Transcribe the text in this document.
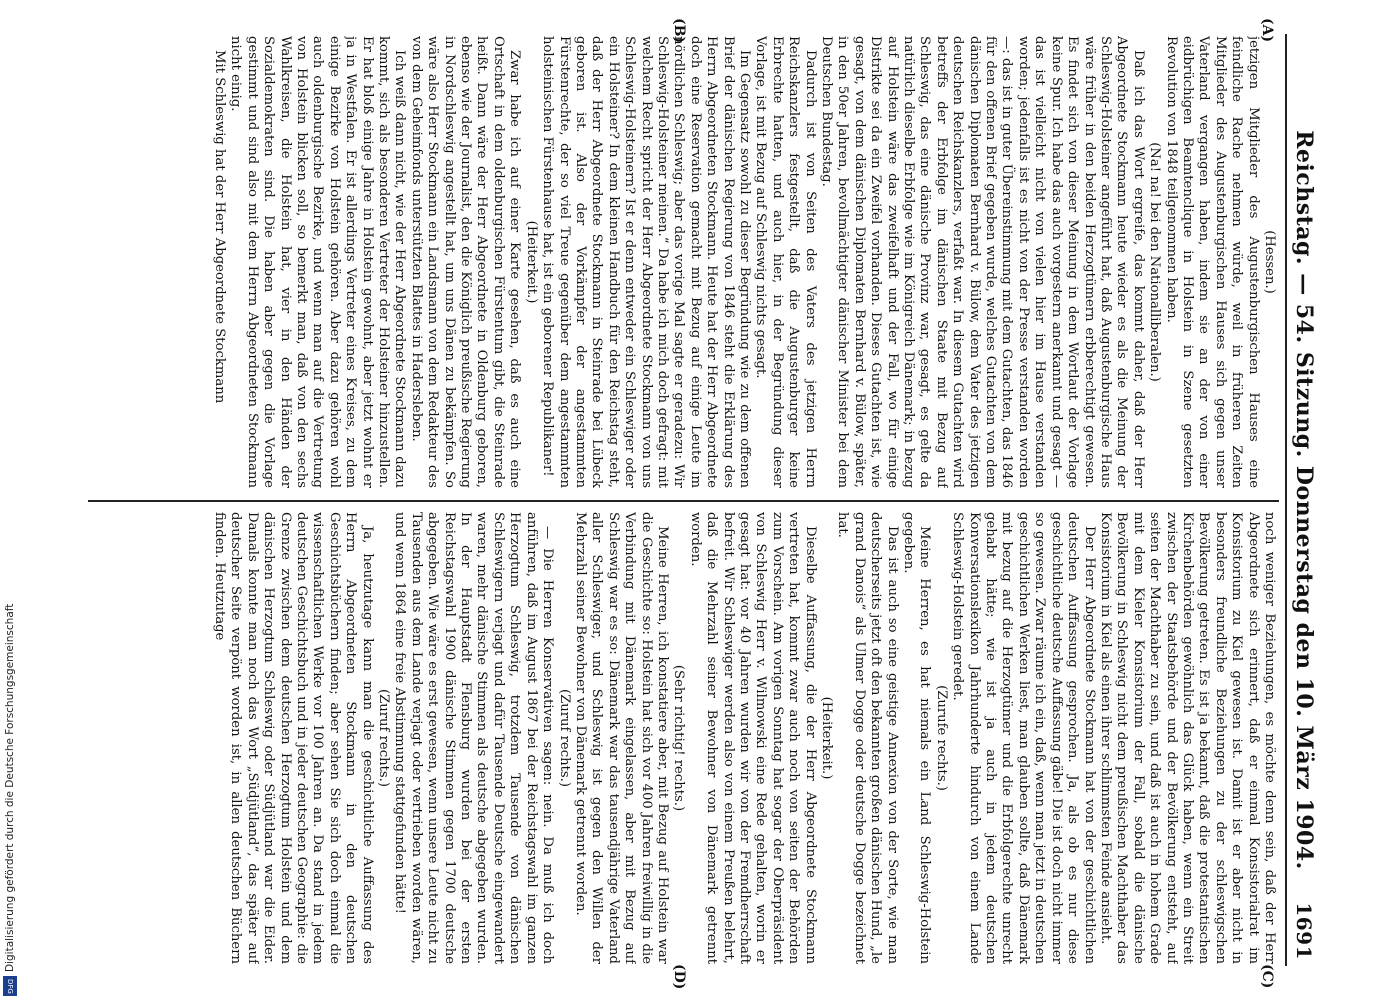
Digitalisierung gefördert durch die Deutsche Forschungsgemeinschaft
DFG
Reichstag. — 54. Sitzung. Donnerstag den 10. März 1904.
1691
(A)
(B)
(C)
(D)

(Hessen.)

jetzigen Mitglieder des Augustenburgischen Hauses eine feindliche Rache nehmen würde, weil in früheren Zeiten Mitglieder des Augustenburgischen Hauses sich gegen unser Vaterland vergangen haben, indem sie an der von einer eidbrüchigen Beamtenclique in Holstein in Szene gesetzten Revolution von 1848 teilgenommen haben.

(Na! na! bei den Nationalliberalen.)

Daß ich das Wort ergreife, das kommt daher, daß der Herr Abgeordnete Stockmann heute wieder es als die Meinung der Schleswig-Holsteiner angeführt hat, daß Augustenburgische Haus wäre früher in den beiden Herzogtümern erbberechtigt gewesen. Es findet sich von dieser Meinung in dem Wortlaut der Vorlage keine Spur. Ich habe das auch vorgestern anerkannt und gesagt — das ist vielleicht nicht von vielen hier im Hause verstanden worden; jedenfalls ist es nicht von der Presse verstanden worden —: das ist in guter Übereinstimmung mit dem Gutachten, das 1846 für den offenen Brief gegeben wurde, welches Gutachten von dem dänischen Diplomaten Bernhard v. Bülow, dem Vater des jetzigen deutschen Reichskanzlers, verfaßt war. In diesem Gutachten wird betreffs der Erbfolge im dänischen Staate mit Bezug auf Schleswig, das eine dänische Provinz war, gesagt, es gelte da natürlich dieselbe Erbfolge wie im Königreich Dänemark; in bezug auf Holstein wäre das zweifelhaft und der Fall, wo für einige Distrikte sei da ein Zweifel vorhanden. Dieses Gutachten ist, wie gesagt, von dem dänischen Diplomaten Bernhard v. Bülow, später, in den 50er Jahren, bevollmächtigter dänischer Minister bei dem Deutschen Bundestag.

Dadurch ist von Seiten des Vaters des jetzigen Herrn Reichskanzlers festgestellt, daß die Augustenburger keine Erbrechte hatten, und auch hier, in der Begründung dieser Vorlage, ist mit Bezug auf Schleswig nichts gesagt.

Im Gegensatz sowohl zu dieser Begründung wie zu dem offenen Brief der dänischen Regierung von 1846 steht die Erklärung des Herrn Abgeordneten Stockmann. Heute hat der Herr Abgeordnete doch eine Reservation gemacht mit Bezug auf einige Leute im nördlichen Schleswig; aber das vorige Mal sagte er geradezu: Wir Schleswig-Holsteiner meinen.“ Da habe ich mich doch gefragt: mit welchem Recht spricht der Herr Abgeordnete Stockmann von uns Schleswig-Holsteinern? Ist er denn entweder ein Schleswiger oder ein Holsteiner? In dem kleinen Handbuch für den Reichstag steht, daß der Herr Abgeordnete Stockmann in Steinrade bei Lübeck geboren ist. Also der Vorkämpfer der angestammten Fürstenrechte, der so viel Treue gegenüber dem angestammten holsteinischen Fürstenhause hat, ist ein geborener Republikaner!

(Heiterkeit.)

Zwar habe ich auf einer Karte gesehen, daß es auch eine Ortschaft in dem oldenburgischen Fürstentum gibt, die Steinrade heißt. Dann wäre der Herr Abgeordnete in Oldenburg geboren, ebenso wie der Journalist, den die Königlich preußische Regierung in Nordschleswig angestellt hat, um uns Dänen zu bekämpfen. So wäre also Herr Stockmann ein Landsmann von dem Redakteur des von dem Geheimfonds unterstützten Blattes in Hadersleben.

Ich weiß dann nicht, wie der Herr Abgeordnete Stockmann dazu kommt, sich als besonderen Vertreter der Holsteiner hinzustellen. Er hat bloß einige Jahre in Holstein gewohnt, aber jetzt wohnt er ja in Westfalen. Er ist allerdings Vertreter eines Kreises, zu dem einige Bezirke von Holstein gehören. Aber dazu gehören wohl auch oldenburgische Bezirke, und wenn man auf die Vertretung von Holstein blicken soll, so bemerkt man, daß von den sechs Wahlkreisen, die Holstein hat, vier in den Händen der Sozialdemokraten sind. Die haben aber gegen die Vorlage gestimmt und sind also mit dem Herrn Abgeordneten Stockmann nicht einig.

Mit Schleswig hat der Herr Abgeordnete Stockmann

noch weniger Beziehungen, es möchte denn sein, daß der Herr Abgeordnete sich erinnert, daß er einmal Konsistorialrat im Konsistorium zu Kiel gewesen ist. Damit ist er aber nicht in besonders freundliche Beziehungen zu der schleswigschen Bevölkerung getreten. Es ist ja bekannt, daß die protestantischen Kirchenbehörden gewöhnlich das Glück haben, wenn ein Streit zwischen der Staatsbehörde und der Bevölkerung entsteht, auf seiten der Machthaber zu sein, und daß ist auch in hohem Grade mit dem Kieler Konsistorium der Fall, sobald die dänische Bevölkerung in Schleswig nicht dem preußischen Machthaber das Konsistorium in Kiel als einen ihrer schlimmsten Feinde ansieht.

Der Herr Abgeordnete Stockmann hat von der geschichtlichen deutschen Auffassung gesprochen. Ja, als ob es nur diese geschichtliche deutsche Auffassung gäbe! Die ist doch nicht immer so gewesen. Zwar räume ich ein, daß, wenn man jetzt in deutschen geschichtlichen Werken liest, man glauben sollte, daß Dänemark mit bezug auf die Herzogtümer und die Erbfolgerechte unrecht gehabt hätte; wie ist ja auch in jedem deutschen Konversationslexikon Jahrhunderte hindurch von einem Lande Schleswig-Holstein geredet.

(Zurufe rechts.)

Meine Herren, es hat niemals ein Land Schleswig-Holstein gegeben.

Das ist auch so eine geistige Annexion von der Sorte, wie man deutscherseits jetzt oft den bekannten großen dänischen Hund, „le grand Danois“ als Ulmer Dogge oder deutsche Dogge bezeichnet hat.

(Heiterkeit.)

Dieselbe Auffassung, die der Herr Abgeordnete Stockmann vertreten hat, kommt zwar auch noch von seiten der Behörden zum Vorschein. Am vorigen Sonntag hat sogar der Oberpräsident von Schleswig Herr v. Wilmowski eine Rede gehalten, worin er gesagt hat: vor 40 Jahren wurden wir von der Fremdherrschaft befreit. Wir Schleswiger werden also von einem Preußen belehrt, daß die Mehrzahl seiner Bewohner von Dänemark getrennt worden.

(Sehr richtig! rechts.)

Meine Herren, ich konstatiere aber, mit Bezug auf Holstein war die Geschichte so: Holstein hat sich vor 400 Jahren freiwillig in die Verbindung mit Dänemark eingelassen, aber mit Bezug auf Schleswig war es so: Dänemark war das tausendjährige Vaterland aller Schleswiger, und Schleswig ist gegen den Willen der Mehrzahl seiner Bewohner von Dänemark getrennt worden.

(Zuruf rechts.)

— Die Herren Konservativen sagen: nein. Da muß ich doch anführen, daß im August 1867 bei der Reichstagswahl im ganzen Herzogtum Schleswig, trotzdem Tausende von dänischen Schleswigern verjagt und dafür Tausende Deutsche eingewandert waren, mehr dänische Stimmen als deutsche abgegeben wurden. In der Hauptstadt Flensburg wurden bei der ersten Reichstagswahl 1900 dänische Stimmen gegen 1700 deutsche abgegeben. Wie wäre es erst gewesen, wenn unsere Leute nicht zu Tausenden aus dem Lande verjagt oder vertrieben worden wären, und wenn 1864 eine freie Abstimmung stattgefunden hätte!

(Zuruf rechts.)

Ja, heutzutage kann man die geschichtliche Auffassung des Herrn Abgeordneten Stockmann in den deutschen Geschichtsbüchern finden; aber sehen Sie sich doch einmal die wissenschaftlichen Werke vor 100 Jahren an. Da stand in jedem deutschen Geschichtsbuch und in jeder deutschen Geographie: die Grenze zwischen dem deutschen Herzogtum Holstein und dem dänischen Herzogtum Schleswig oder Südjütland war die Eider. Damals konnte man noch das Wort „Südjütland“, das später auf deutscher Seite verpönt worden ist, in allen deutschen Büchern finden. Heutzutage
